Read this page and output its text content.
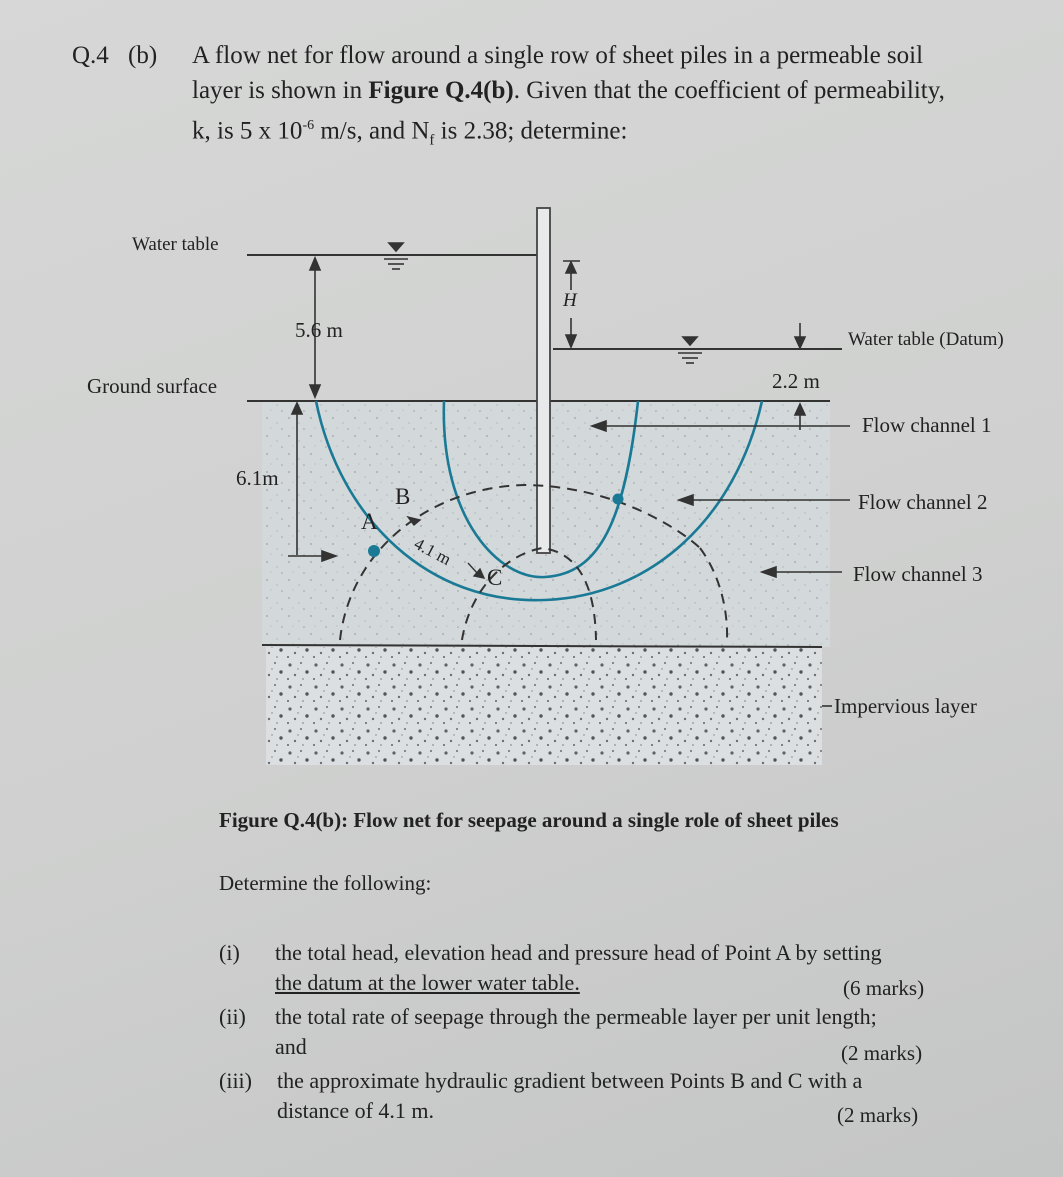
Q.4 (b) A flow net for flow around a single row of sheet piles in a permeable soil
layer is shown in Figure Q.4(b). Given that the coefficient of permeability,
k, is 5 x $10^{-6}$ m/s, and $N_f$ is 2.38; determine:
Water table
Water table (Datum)
Ground surface
5.6 m
6.1m
2.2 m
H
A
B
C
4.1 m
Flow channel 1
Flow channel 2
Flow channel 3
Impervious layer
Figure Q.4(b): Flow net for seepage around a single role of sheet piles
Determine the following:
(i) the total head, elevation head and pressure head of Point A by setting
the datum at the lower water table.	(6 marks)
(ii) the total rate of seepage through the permeable layer per unit length;
and	(2 marks)
(iii) the approximate hydraulic gradient between Points B and C with a
distance of 4.1 m.	(2 marks)
